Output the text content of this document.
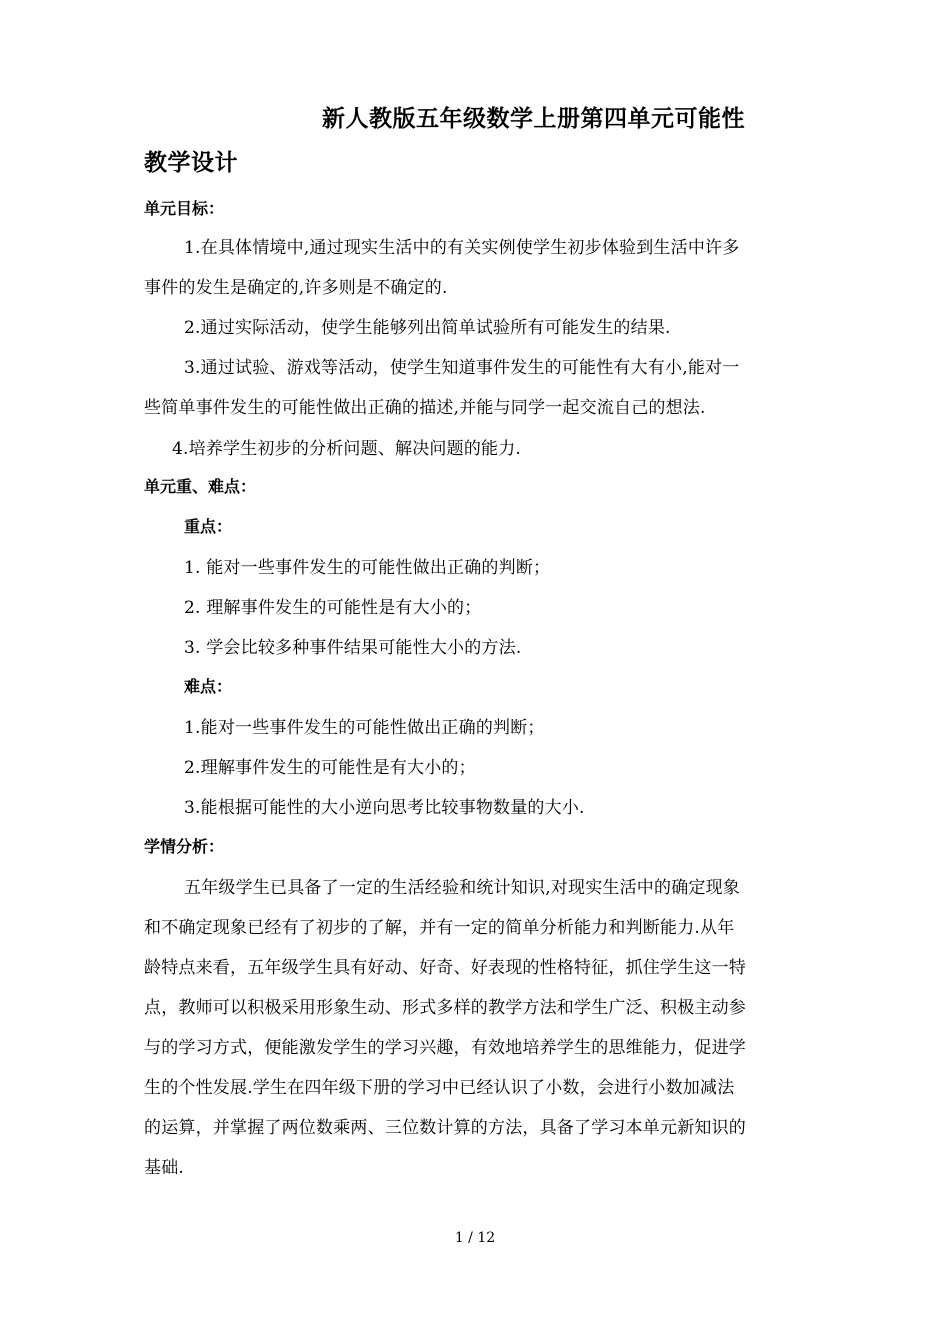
新人教版五年级数学上册第四单元可能性
教学设计
单元目标：
1.在具体情境中,通过现实生活中的有关实例使学生初步体验到生活中许多
事件的发生是确定的,许多则是不确定的.
2.通过实际活动，使学生能够列出简单试验所有可能发生的结果.
3.通过试验、游戏等活动，使学生知道事件发生的可能性有大有小,能对一
些简单事件发生的可能性做出正确的描述,并能与同学一起交流自己的想法.
4.培养学生初步的分析问题、解决问题的能力.
单元重、难点：
重点：
1. 能对一些事件发生的可能性做出正确的判断；
2. 理解事件发生的可能性是有大小的；
3. 学会比较多种事件结果可能性大小的方法.
难点：
1.能对一些事件发生的可能性做出正确的判断；
2.理解事件发生的可能性是有大小的；
3.能根据可能性的大小逆向思考比较事物数量的大小.
学情分析：
五年级学生已具备了一定的生活经验和统计知识,对现实生活中的确定现象
和不确定现象已经有了初步的了解，并有一定的简单分析能力和判断能力.从年
龄特点来看，五年级学生具有好动、好奇、好表现的性格特征，抓住学生这一特
点，教师可以积极采用形象生动、形式多样的教学方法和学生广泛、积极主动参
与的学习方式，便能激发学生的学习兴趣，有效地培养学生的思维能力，促进学
生的个性发展.学生在四年级下册的学习中已经认识了小数，会进行小数加减法
的运算，并掌握了两位数乘两、三位数计算的方法，具备了学习本单元新知识的
基础.
1 / 12
